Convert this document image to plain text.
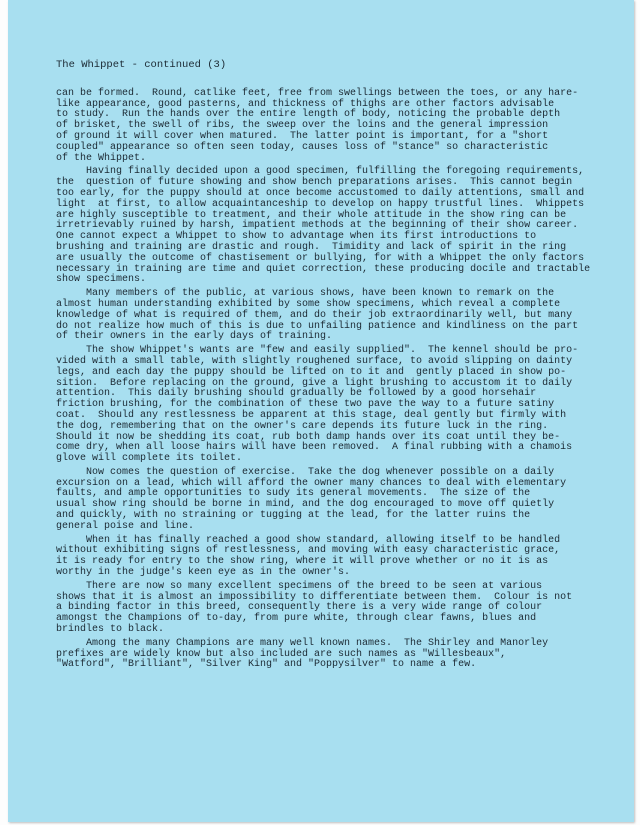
The Whippet - continued (3)
can be formed.  Round, catlike feet, free from swellings between the toes, or any hare-
like appearance, good pasterns, and thickness of thighs are other factors advisable
to study.  Run the hands over the entire length of body, noticing the probable depth
of brisket, the swell of ribs, the sweep over the loins and the general impression
of ground it will cover when matured.  The latter point is important, for a "short
coupled" appearance so often seen today, causes loss of "stance" so characteristic
of the Whippet.
Having finally decided upon a good specimen, fulfilling the foregoing requirements,
the  question of future showing and show bench preparations arises.  This cannot begin
too early, for the puppy should at once become accustomed to daily attentions, small and
light  at first, to allow acquaintanceship to develop on happy trustful lines.  Whippets
are highly susceptible to treatment, and their whole attitude in the show ring can be
irretrievably ruined by harsh, impatient methods at the beginning of their show career.
One cannot expect a Whippet to show to advantage when its first introductions to
brushing and training are drastic and rough.  Timidity and lack of spirit in the ring
are usually the outcome of chastisement or bullying, for with a Whippet the only factors
necessary in training are time and quiet correction, these producing docile and tractable
show specimens.
Many members of the public, at various shows, have been known to remark on the
almost human understanding exhibited by some show specimens, which reveal a complete
knowledge of what is required of them, and do their job extraordinarily well, but many
do not realize how much of this is due to unfailing patience and kindliness on the part
of their owners in the early days of training.
The show Whippet's wants are "few and easily supplied".  The kennel should be pro-
vided with a small table, with slightly roughened surface, to avoid slipping on dainty
legs, and each day the puppy should be lifted on to it and  gently placed in show po-
sition.  Before replacing on the ground, give a light brushing to accustom it to daily
attention.  This daily brushing should gradually be followed by a good horsehair
friction brushing, for the combination of these two pave the way to a future satiny
coat.  Should any restlessness be apparent at this stage, deal gently but firmly with
the dog, remembering that on the owner's care depends its future luck in the ring.
Should it now be shedding its coat, rub both damp hands over its coat until they be-
come dry, when all loose hairs will have been removed.  A final rubbing with a chamois
glove will complete its toilet.
Now comes the question of exercise.  Take the dog whenever possible on a daily
excursion on a lead, which will afford the owner many chances to deal with elementary
faults, and ample opportunities to sudy its general movements.  The size of the
usual show ring should be borne in mind, and the dog encouraged to move off quietly
and quickly, with no straining or tugging at the lead, for the latter ruins the
general poise and line.
When it has finally reached a good show standard, allowing itself to be handled
without exhibiting signs of restlessness, and moving with easy characteristic grace,
it is ready for entry to the show ring, where it will prove whether or no it is as
worthy in the judge's keen eye as in the owner's.
There are now so many excellent specimens of the breed to be seen at various
shows that it is almost an impossibility to differentiate between them.  Colour is not
a binding factor in this breed, consequently there is a very wide range of colour
amongst the Champions of to-day, from pure white, through clear fawns, blues and
brindles to black.
Among the many Champions are many well known names.  The Shirley and Manorley
prefixes are widely know but also included are such names as "Willesbeaux",
"Watford", "Brilliant", "Silver King" and "Poppysilver" to name a few.
